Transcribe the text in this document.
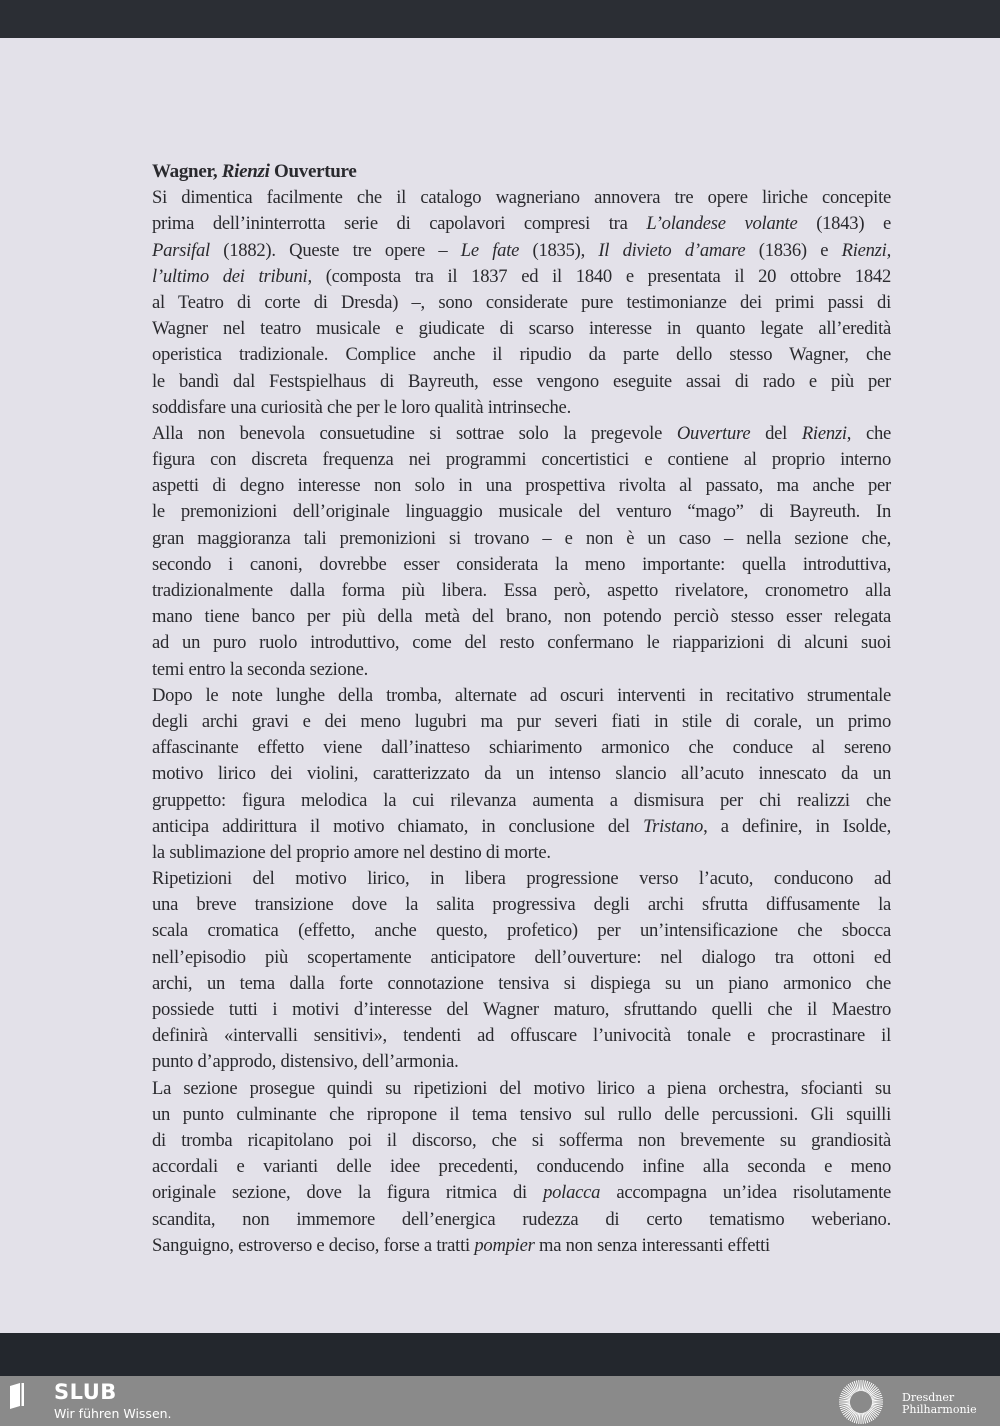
Wagner, Rienzi Ouverture
Si dimentica facilmente che il catalogo wagneriano annovera tre opere liriche concepite
prima dell’ininterrotta serie di capolavori compresi tra L’olandese volante (1843) e
Parsifal (1882). Queste tre opere – Le fate (1835), Il divieto d’amare (1836) e Rienzi,
l’ultimo dei tribuni, (composta tra il 1837 ed il 1840 e presentata il 20 ottobre 1842
al Teatro di corte di Dresda) –, sono considerate pure testimonianze dei primi passi di
Wagner nel teatro musicale e giudicate di scarso interesse in quanto legate all’eredità
operistica tradizionale. Complice anche il ripudio da parte dello stesso Wagner, che
le bandì dal Festspielhaus di Bayreuth, esse vengono eseguite assai di rado e più per
soddisfare una curiosità che per le loro qualità intrinseche.
Alla non benevola consuetudine si sottrae solo la pregevole Ouverture del Rienzi, che
figura con discreta frequenza nei programmi concertistici e contiene al proprio interno
aspetti di degno interesse non solo in una prospettiva rivolta al passato, ma anche per
le premonizioni dell’originale linguaggio musicale del venturo “mago” di Bayreuth. In
gran maggioranza tali premonizioni si trovano – e non è un caso – nella sezione che,
secondo i canoni, dovrebbe esser considerata la meno importante: quella introduttiva,
tradizionalmente dalla forma più libera. Essa però, aspetto rivelatore, cronometro alla
mano tiene banco per più della metà del brano, non potendo perciò stesso esser relegata
ad un puro ruolo introduttivo, come del resto confermano le riapparizioni di alcuni suoi
temi entro la seconda sezione.
Dopo le note lunghe della tromba, alternate ad oscuri interventi in recitativo strumentale
degli archi gravi e dei meno lugubri ma pur severi fiati in stile di corale, un primo
affascinante effetto viene dall’inatteso schiarimento armonico che conduce al sereno
motivo lirico dei violini, caratterizzato da un intenso slancio all’acuto innescato da un
gruppetto: figura melodica la cui rilevanza aumenta a dismisura per chi realizzi che
anticipa addirittura il motivo chiamato, in conclusione del Tristano, a definire, in Isolde,
la sublimazione del proprio amore nel destino di morte.
Ripetizioni del motivo lirico, in libera progressione verso l’acuto, conducono ad
una breve transizione dove la salita progressiva degli archi sfrutta diffusamente la
scala cromatica (effetto, anche questo, profetico) per un’intensificazione che sbocca
nell’episodio più scopertamente anticipatore dell’ouverture: nel dialogo tra ottoni ed
archi, un tema dalla forte connotazione tensiva si dispiega su un piano armonico che
possiede tutti i motivi d’interesse del Wagner maturo, sfruttando quelli che il Maestro
definirà «intervalli sensitivi», tendenti ad offuscare l’univocità tonale e procrastinare il
punto d’approdo, distensivo, dell’armonia.
La sezione prosegue quindi su ripetizioni del motivo lirico a piena orchestra, sfocianti su
un punto culminante che ripropone il tema tensivo sul rullo delle percussioni. Gli squilli
di tromba ricapitolano poi il discorso, che si sofferma non brevemente su grandiosità
accordali e varianti delle idee precedenti, conducendo infine alla seconda e meno
originale sezione, dove la figura ritmica di polacca accompagna un’idea risolutamente
scandita, non immemore dell’energica rudezza di certo tematismo weberiano.
Sanguigno, estroverso e deciso, forse a tratti pompier ma non senza interessanti effetti
SLUB
Wir führen Wissen.
Dresdner
Philharmonie
